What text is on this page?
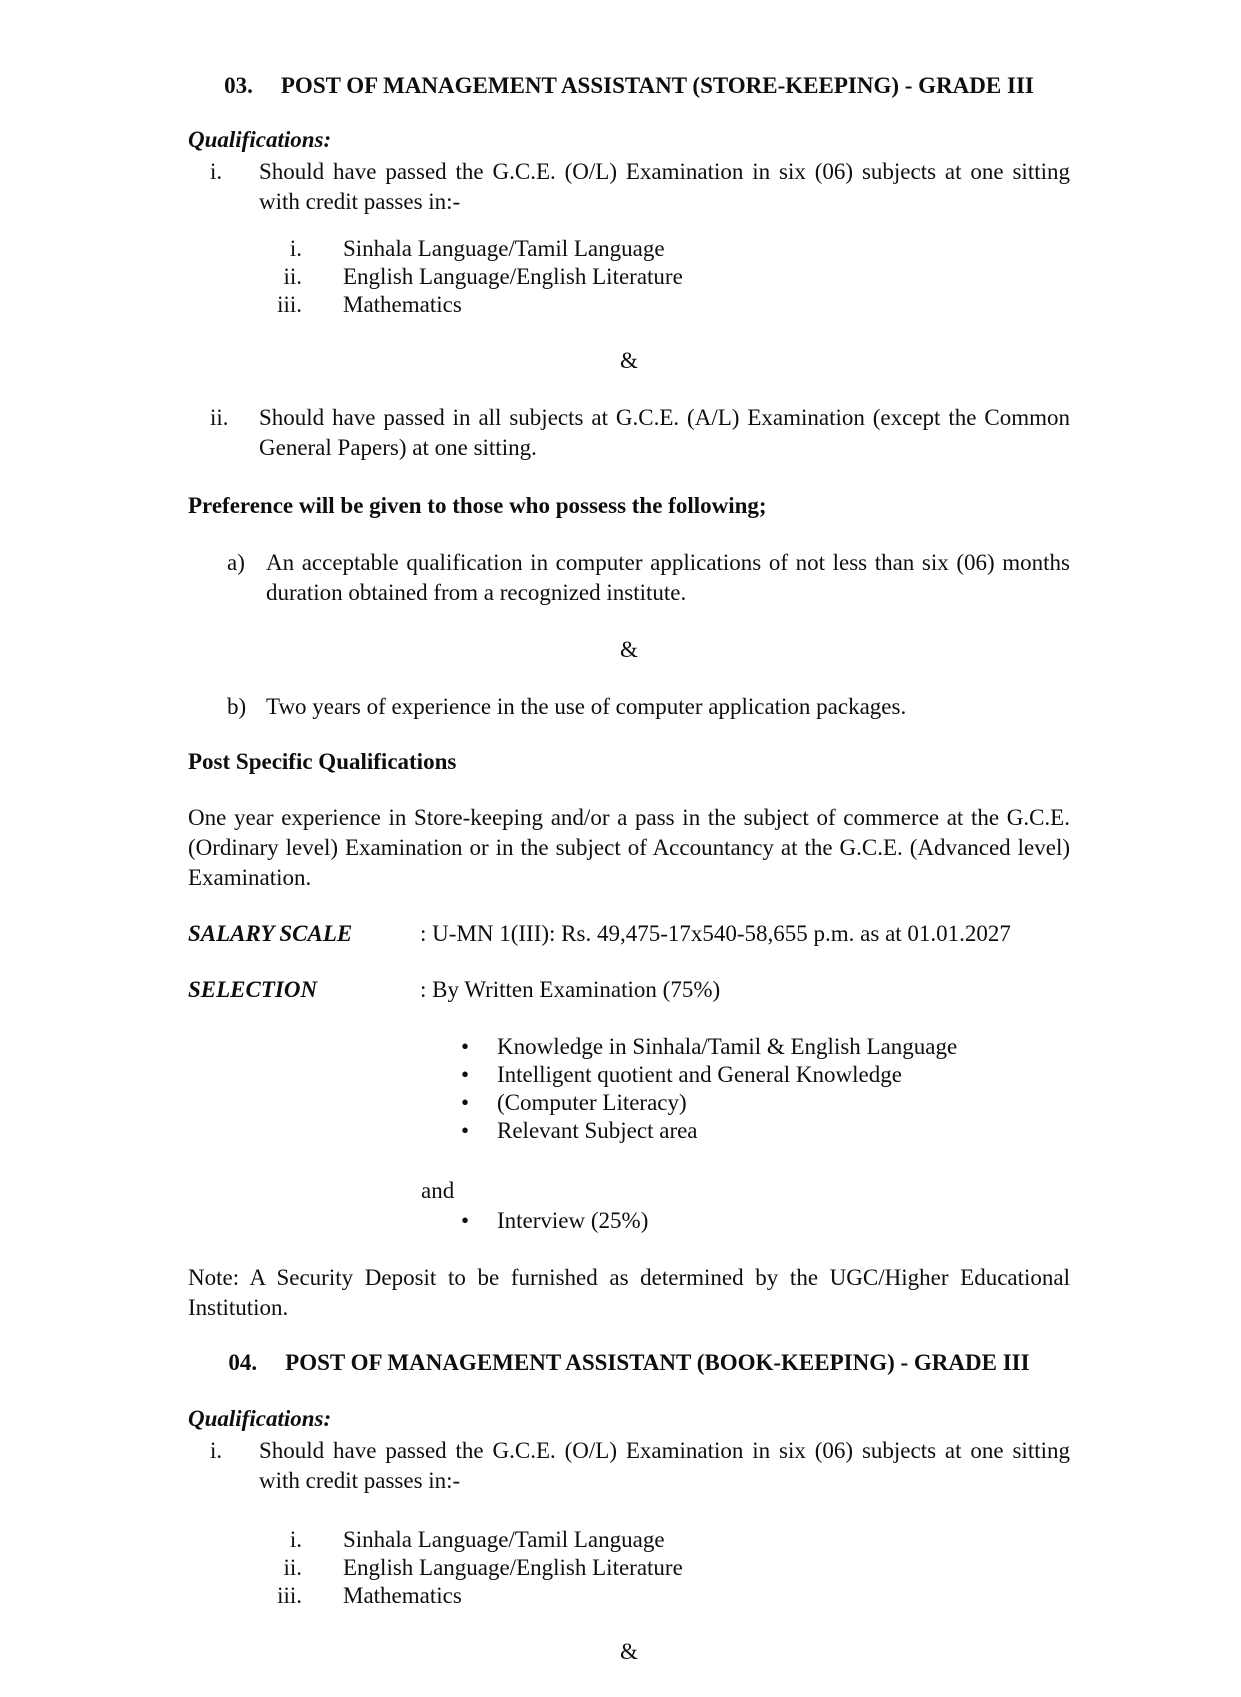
03. POST OF MANAGEMENT ASSISTANT (STORE-KEEPING) - GRADE III
Qualifications:
i.	Should have passed the G.C.E. (O/L) Examination in six (06) subjects at one sitting with credit passes in:-
i.	Sinhala Language/Tamil Language
ii.	English Language/English Literature
iii.	Mathematics
&
ii.	Should have passed in all subjects at G.C.E. (A/L) Examination (except the Common General Papers) at one sitting.
Preference will be given to those who possess the following;
a) An acceptable qualification in computer applications of not less than six (06) months duration obtained from a recognized institute.
&
b) Two years of experience in the use of computer application packages.
Post Specific Qualifications
One year experience in Store-keeping and/or a pass in the subject of commerce at the G.C.E. (Ordinary level) Examination or in the subject of Accountancy at the G.C.E. (Advanced level) Examination.
SALARY SCALE	: U-MN 1(III): Rs. 49,475-17x540-58,655 p.m. as at 01.01.2027
SELECTION	: By Written Examination (75%)
•	Knowledge in Sinhala/Tamil & English Language
•	Intelligent quotient and General Knowledge
•	(Computer Literacy)
•	Relevant Subject area
and
•	Interview (25%)
Note: A Security Deposit to be furnished as determined by the UGC/Higher Educational Institution.
04. POST OF MANAGEMENT ASSISTANT (BOOK-KEEPING) - GRADE III
Qualifications:
i.	Should have passed the G.C.E. (O/L) Examination in six (06) subjects at one sitting with credit passes in:-
i.	Sinhala Language/Tamil Language
ii.	English Language/English Literature
iii.	Mathematics
&
